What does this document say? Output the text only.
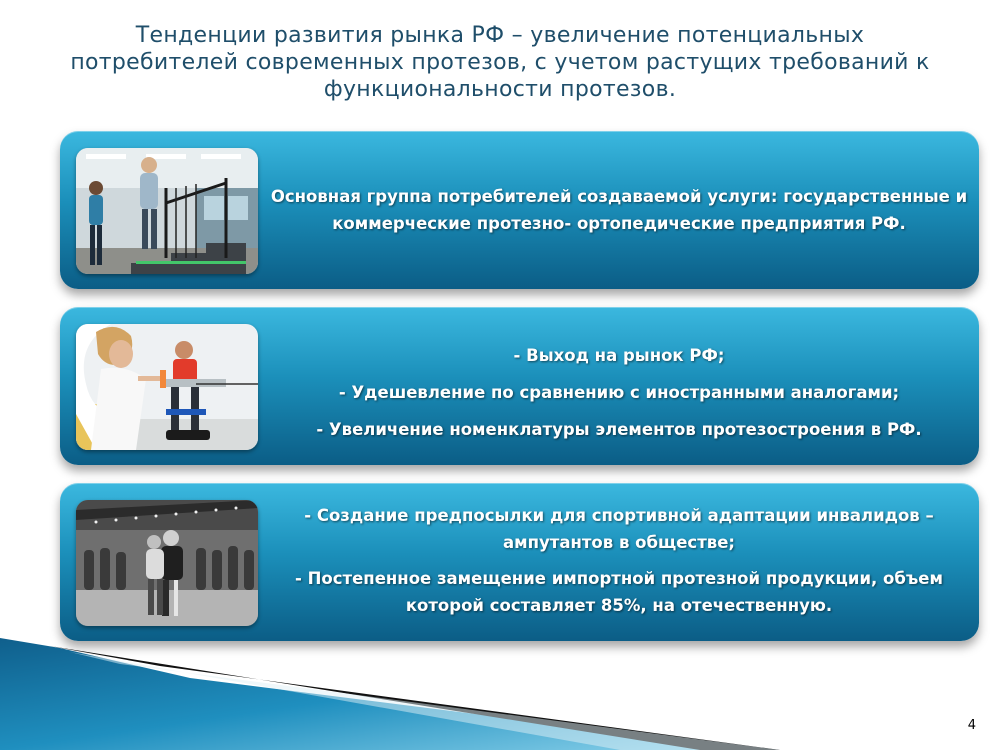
Тенденции развития рынка РФ – увеличение потенциальных потребителей современных протезов, с учетом растущих требований к функциональности протезов.

Основная группа потребителей создаваемой услуги: государственные и коммерческие протезно- ортопедические предприятия РФ.

- Выход на рынок РФ;

- Удешевление по сравнению с иностранными аналогами;

- Увеличение номенклатуры элементов протезостроения в РФ.

- Создание предпосылки для спортивной адаптации инвалидов – ампутантов в обществе;

- Постепенное замещение импортной протезной продукции, объем которой составляет 85%, на отечественную.

4
